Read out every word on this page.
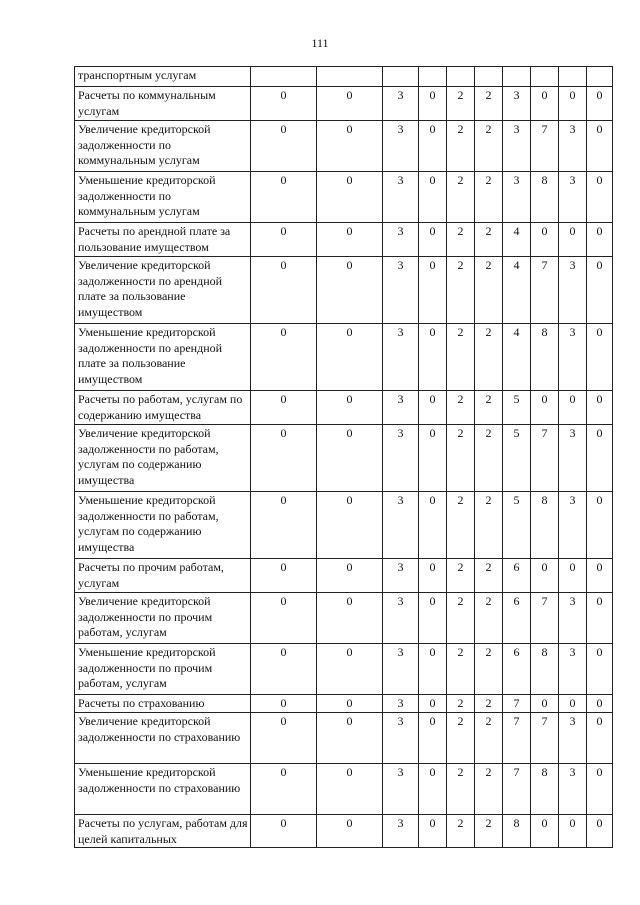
111
транспортным услугам										
Расчеты по коммунальным услугам	0	0	3	0	2	2	3	0	0	0
Увеличение кредиторской задолженности по коммунальным услугам	0	0	3	0	2	2	3	7	3	0
Уменьшение кредиторской задолженности по коммунальным услугам	0	0	3	0	2	2	3	8	3	0
Расчеты по арендной плате за пользование имуществом	0	0	3	0	2	2	4	0	0	0
Увеличение кредиторской задолженности по арендной плате за пользование имуществом	0	0	3	0	2	2	4	7	3	0
Уменьшение кредиторской задолженности по арендной плате за пользование имуществом	0	0	3	0	2	2	4	8	3	0
Расчеты по работам, услугам по содержанию имущества	0	0	3	0	2	2	5	0	0	0
Увеличение кредиторской задолженности по работам, услугам по содержанию имущества	0	0	3	0	2	2	5	7	3	0
Уменьшение кредиторской задолженности по работам, услугам по содержанию имущества	0	0	3	0	2	2	5	8	3	0
Расчеты по прочим работам, услугам	0	0	3	0	2	2	6	0	0	0
Увеличение кредиторской задолженности по прочим работам, услугам	0	0	3	0	2	2	6	7	3	0
Уменьшение кредиторской задолженности по прочим работам, услугам	0	0	3	0	2	2	6	8	3	0
Расчеты по страхованию	0	0	3	0	2	2	7	0	0	0
Увеличение кредиторской задолженности по страхованию	0	0	3	0	2	2	7	7	3	0
Уменьшение кредиторской задолженности по страхованию	0	0	3	0	2	2	7	8	3	0
Расчеты по услугам, работам для целей капитальных	0	0	3	0	2	2	8	0	0	0
